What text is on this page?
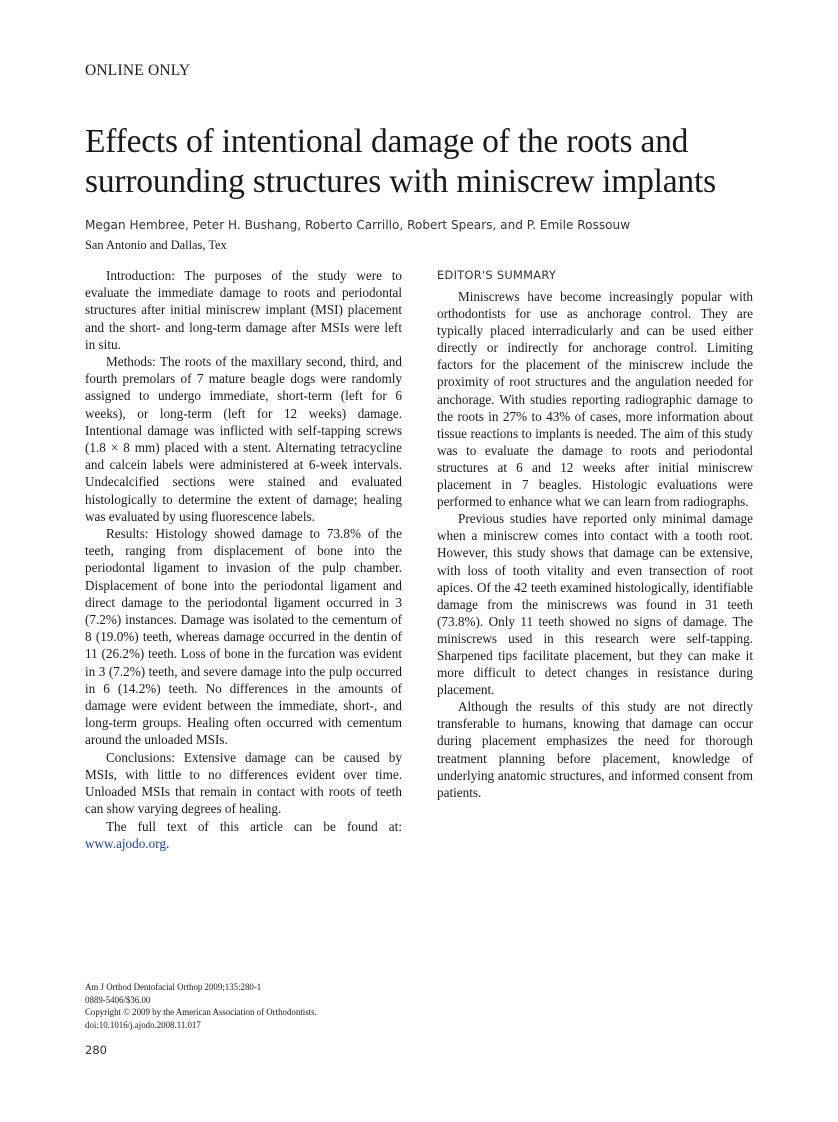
ONLINE ONLY
Effects of intentional damage of the roots and surrounding structures with miniscrew implants
Megan Hembree, Peter H. Bushang, Roberto Carrillo, Robert Spears, and P. Emile Rossouw
San Antonio and Dallas, Tex

Introduction: The purposes of the study were to evaluate the immediate damage to roots and periodontal structures after initial miniscrew implant (MSI) placement and the short- and long-term damage after MSIs were left in situ.

Methods: The roots of the maxillary second, third, and fourth premolars of 7 mature beagle dogs were randomly assigned to undergo immediate, short-term (left for 6 weeks), or long-term (left for 12 weeks) damage. Intentional damage was inflicted with self-tapping screws (1.8 × 8 mm) placed with a stent. Alternating tetracycline and calcein labels were administered at 6-week intervals. Undecalcified sections were stained and evaluated histologically to determine the extent of damage; healing was evaluated by using fluorescence labels.

Results: Histology showed damage to 73.8% of the teeth, ranging from displacement of bone into the periodontal ligament to invasion of the pulp chamber. Displacement of bone into the periodontal ligament and direct damage to the periodontal ligament occurred in 3 (7.2%) instances. Damage was isolated to the cementum of 8 (19.0%) teeth, whereas damage occurred in the dentin of 11 (26.2%) teeth. Loss of bone in the furcation was evident in 3 (7.2%) teeth, and severe damage into the pulp occurred in 6 (14.2%) teeth. No differences in the amounts of damage were evident between the immediate, short-, and long-term groups. Healing often occurred with cementum around the unloaded MSIs.

Conclusions: Extensive damage can be caused by MSIs, with little to no differences evident over time. Unloaded MSIs that remain in contact with roots of teeth can show varying degrees of healing.

The full text of this article can be found at: www.ajodo.org.

EDITOR'S SUMMARY

Miniscrews have become increasingly popular with orthodontists for use as anchorage control. They are typically placed interradicularly and can be used either directly or indirectly for anchorage control. Limiting factors for the placement of the miniscrew include the proximity of root structures and the angulation needed for anchorage. With studies reporting radiographic damage to the roots in 27% to 43% of cases, more information about tissue reactions to implants is needed. The aim of this study was to evaluate the damage to roots and periodontal structures at 6 and 12 weeks after initial miniscrew placement in 7 beagles. Histologic evaluations were performed to enhance what we can learn from radiographs.

Previous studies have reported only minimal damage when a miniscrew comes into contact with a tooth root. However, this study shows that damage can be extensive, with loss of tooth vitality and even transection of root apices. Of the 42 teeth examined histologically, identifiable damage from the miniscrews was found in 31 teeth (73.8%). Only 11 teeth showed no signs of damage. The miniscrews used in this research were self-tapping. Sharpened tips facilitate placement, but they can make it more difficult to detect changes in resistance during placement.

Although the results of this study are not directly transferable to humans, knowing that damage can occur during placement emphasizes the need for thorough treatment planning before placement, knowledge of underlying anatomic structures, and informed consent from patients.

Am J Orthod Dentofacial Orthop 2009;135:280-1
0889-5406/$36.00
Copyright © 2009 by the American Association of Orthodontists.
doi:10.1016/j.ajodo.2008.11.017
280
